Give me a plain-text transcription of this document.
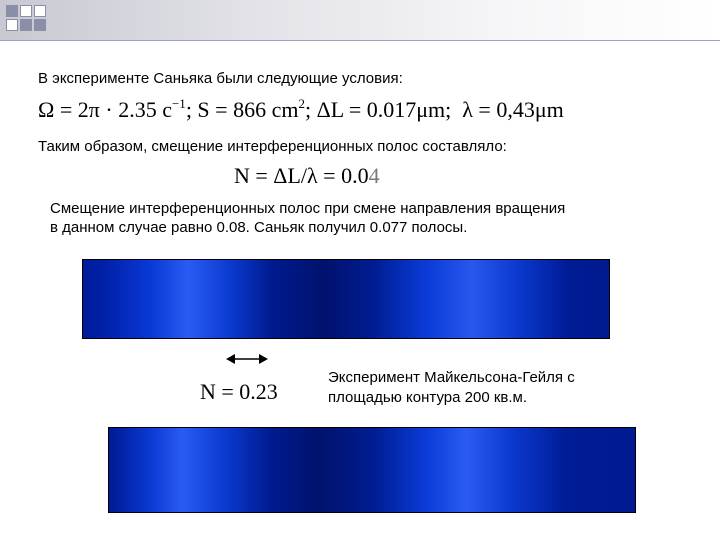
В эксперименте Саньяка были следующие условия:
Ω = 2π · 2.35 $c^{-1}$; S = 866 $cm^2$; ΔL = 0.017μm; λ = 0,43μm
Таким образом, смещение интерференционных полос составляло:
N = ΔL/λ = 0.04
Смещение интерференционных полос при смене направления вращения
в данном случае равно 0.08. Саньяк получил 0.077 полосы.
N = 0.23
Эксперимент Майкельсона-Гейля с
площадью контура 200 кв.м.
